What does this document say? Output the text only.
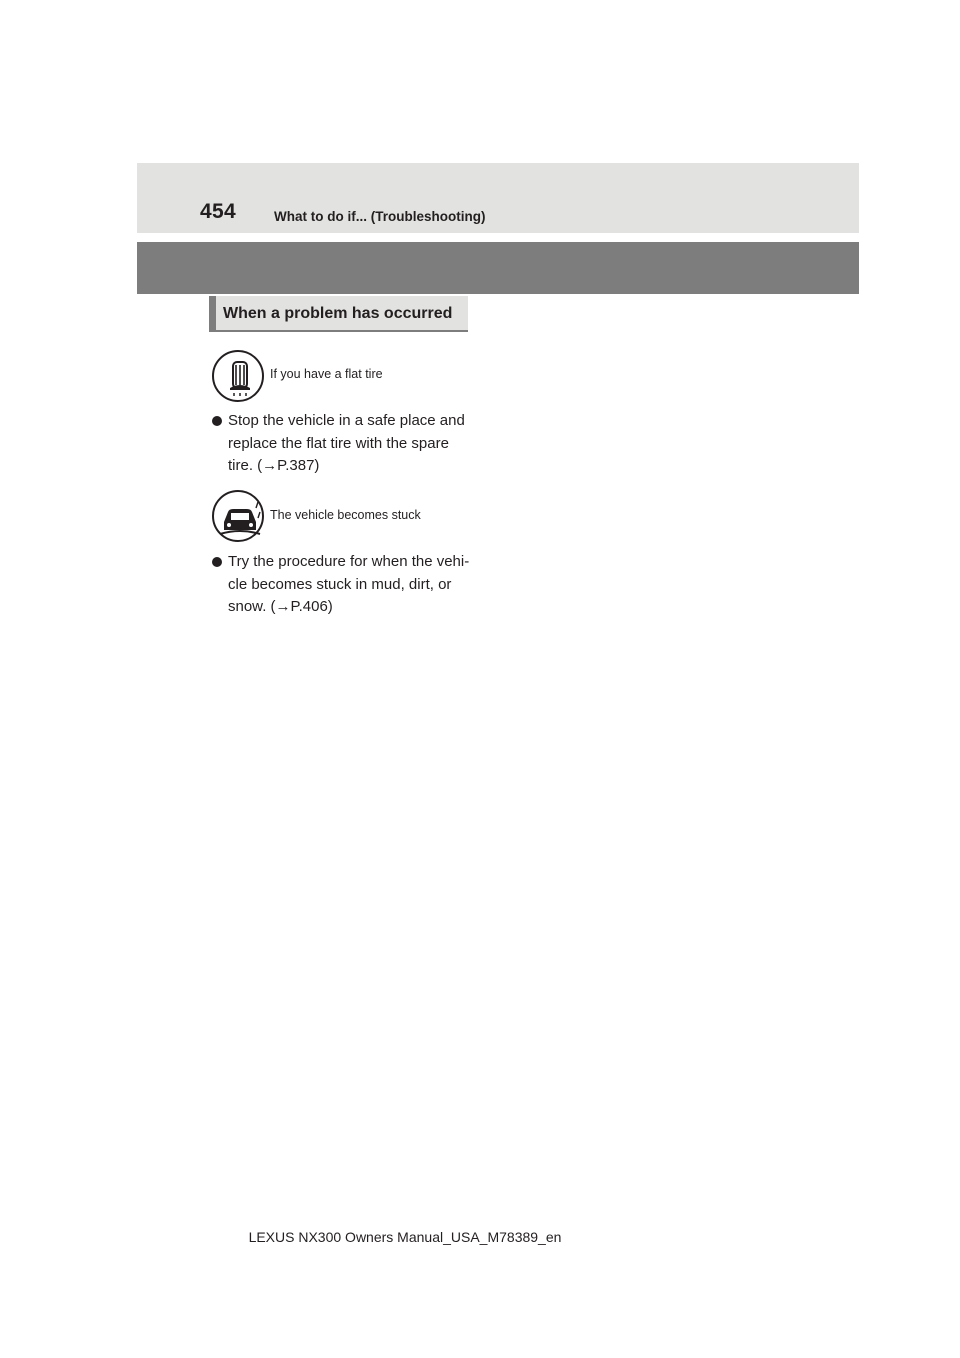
454	What to do if... (Troubleshooting)
When a problem has occurred
If you have a flat tire
Stop the vehicle in a safe place and replace the flat tire with the spare tire. (→P.387)
The vehicle becomes stuck
Try the procedure for when the vehi-cle becomes stuck in mud, dirt, or snow. (→P.406)
LEXUS NX300 Owners Manual_USA_M78389_en
